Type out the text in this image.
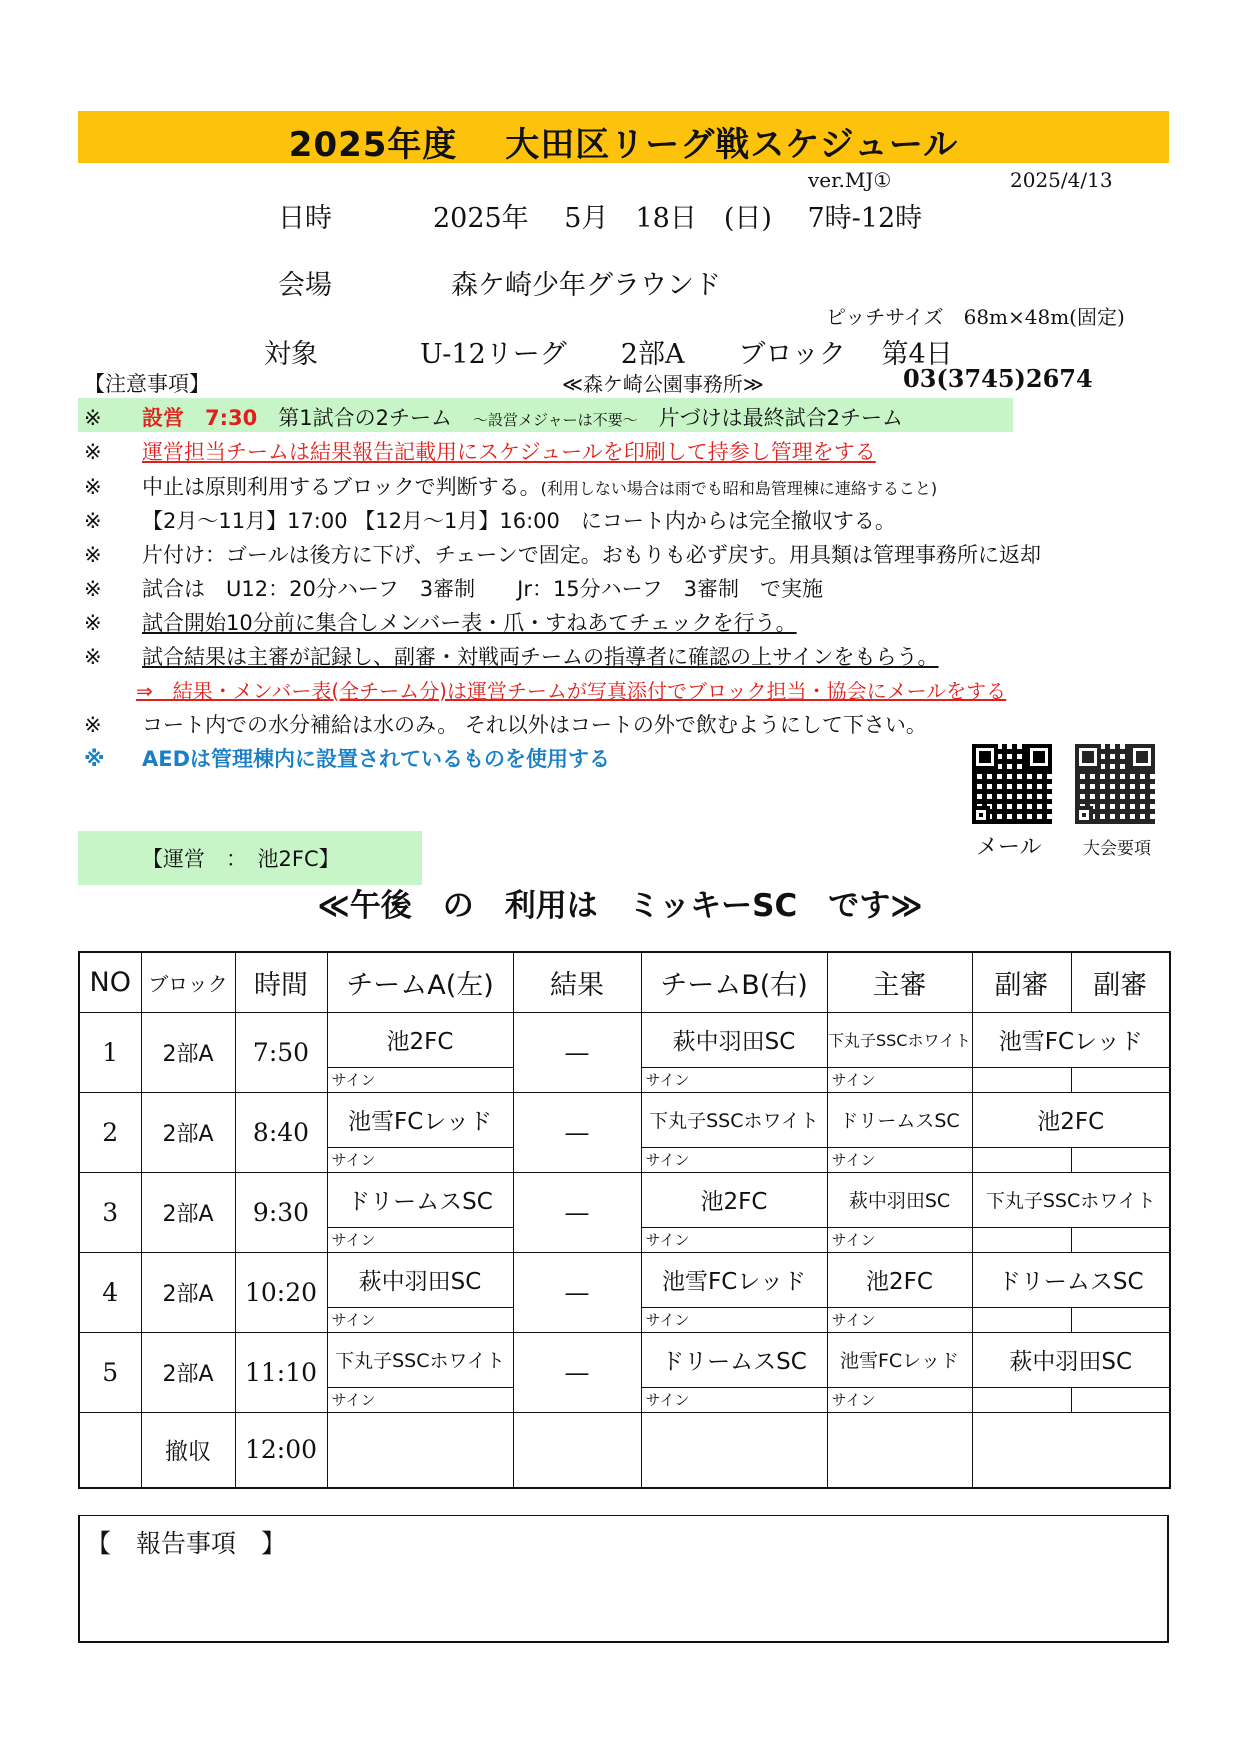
2025年度　 大田区リーグ戦スケジュール
ver.MJ①	2025/4/13
日時	2025年　 5月　18日　(日)　 7時-12時
会場	森ケ崎少年グラウンド
ピッチサイズ　68m×48m(固定)
対象	U-12リーグ　　2部A　　ブロック　 第4日
【注意事項】	≪森ケ崎公園事務所≫	03(3745)2674
※ 設営　7:30　 第1試合の2チーム　～設営メジャーは不要～　片づけは最終試合2チーム
※ 運営担当チームは結果報告記載用にスケジュールを印刷して持参し管理をする
※ 中止は原則利用するブロックで判断する。(利用しない場合は雨でも昭和島管理棟に連絡すること)
※ 【2月～11月】17:00 【12月～1月】16:00　にコート内からは完全撤収する。
※ 片付け：ゴールは後方に下げ、チェーンで固定。おもりも必ず戻す。用具類は管理事務所に返却
※ 試合は　U12：20分ハーフ　3審制　　Jr：15分ハーフ　3審制　で実施
※ 試合開始10分前に集合しメンバー表・爪・すねあてチェックを行う。
※ 試合結果は主審が記録し、副審・対戦両チームの指導者に確認の上サインをもらう。
⇒　結果・メンバー表(全チーム分)は運営チームが写真添付でブロック担当・協会にメールをする
※ コート内での水分補給は水のみ。 それ以外はコートの外で飲むようにして下さい。
※ AEDは管理棟内に設置されているものを使用する
メール 大会要項
【運営　：　池2FC】
≪午後　の　利用は　ミッキーSC　です≫
NO	ブロック	時間	チームA(左)	結果	チームB(右)	主審	副審	副審
1	2部A	7:50	池2FC	—	萩中羽田SC	下丸子SSCホワイト	池雪FCレッド	
			サイン		サイン	サイン		
2	2部A	8:40	池雪FCレッド	—	下丸子SSCホワイト	ドリームスSC	池2FC	
			サイン		サイン	サイン		
3	2部A	9:30	ドリームスSC	—	池2FC	萩中羽田SC	下丸子SSCホワイト	
			サイン		サイン	サイン		
4	2部A	10:20	萩中羽田SC	—	池雪FCレッド	池2FC	ドリームスSC	
			サイン		サイン	サイン		
5	2部A	11:10	下丸子SSCホワイト	—	ドリームスSC	池雪FCレッド	萩中羽田SC	
			サイン		サイン	サイン		
	撤収	12:00						
【　報告事項　】
